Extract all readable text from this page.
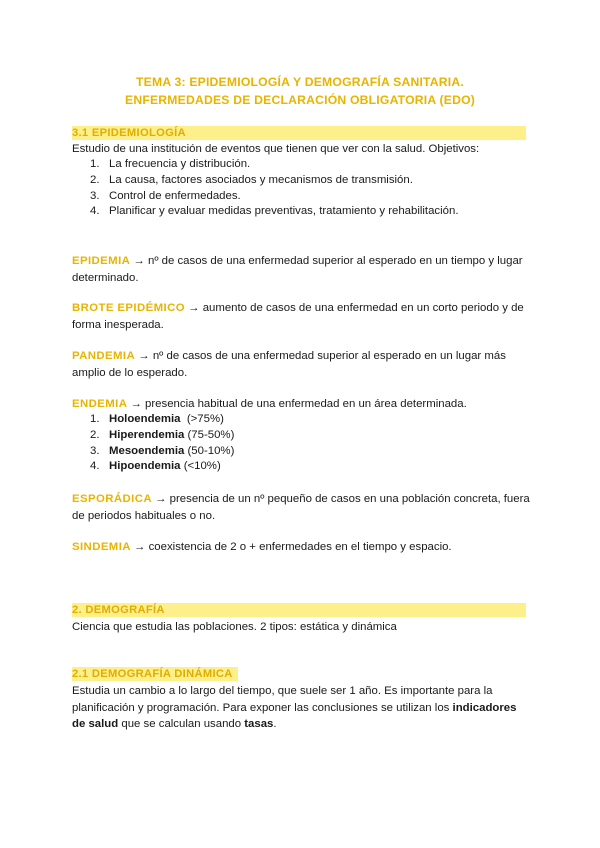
TEMA 3: EPIDEMIOLOGÍA Y DEMOGRAFÍA SANITARIA.
ENFERMEDADES DE DECLARACIÓN OBLIGATORIA (EDO)
3.1 EPIDEMIOLOGÍA
Estudio de una institución de eventos que tienen que ver con la salud. Objetivos:
1. La frecuencia y distribución.
2. La causa, factores asociados y mecanismos de transmisión.
3. Control de enfermedades.
4. Planificar y evaluar medidas preventivas, tratamiento y rehabilitación.
EPIDEMIA → nº de casos de una enfermedad superior al esperado en un tiempo y lugar determinado.
BROTE EPIDÉMICO → aumento de casos de una enfermedad en un corto periodo y de forma inesperada.
PANDEMIA → nº de casos de una enfermedad superior al esperado en un lugar más amplio de lo esperado.
ENDEMIA → presencia habitual de una enfermedad en un área determinada.
1. Holoendemia  (>75%)
2. Hiperendemia (75-50%)
3. Mesoendemia (50-10%)
4. Hipoendemia (<10%)
ESPORÁDICA → presencia de un nº pequeño de casos en una población concreta, fuera de periodos habituales o no.
SINDEMIA → coexistencia de 2 o + enfermedades en el tiempo y espacio.
2. DEMOGRAFÍA
Ciencia que estudia las poblaciones. 2 tipos: estática y dinámica
2.1 DEMOGRAFÍA DINÁMICA
Estudia un cambio a lo largo del tiempo, que suele ser 1 año. Es importante para la planificación y programación. Para exponer las conclusiones se utilizan los indicadores de salud que se calculan usando tasas.
